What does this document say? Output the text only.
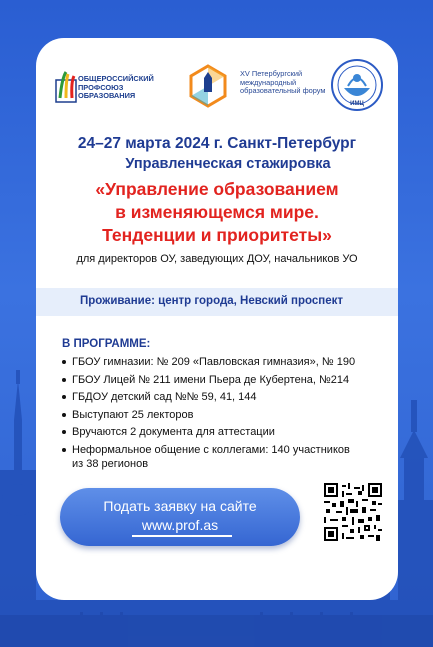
ОБЩЕРОССИЙСКИЙ ПРОФСОЮЗ ОБРАЗОВАНИЯ
XV Петербургский международный образовательный форум
ИМЦ
24–27 марта 2024 г. Санкт-Петербург
Управленческая стажировка
«Управление образованием
в изменяющемся мире.
Тенденции и приоритеты»
для директоров ОУ, заведующих ДОУ, начальников УО
Проживание: центр города, Невский проспект
В ПРОГРАММЕ:
ГБОУ гимназии: № 209 «Павловская гимназия», № 190
ГБОУ Лицей № 211 имени Пьера де Кубертена, №214
ГБДОУ детский сад №№ 59, 41, 144
Выступают 25 лекторов
Вручаются 2 документа для аттестации
Неформальное общение с коллегами: 140 участников из 38 регионов
Подать заявку на сайте
www.prof.as
